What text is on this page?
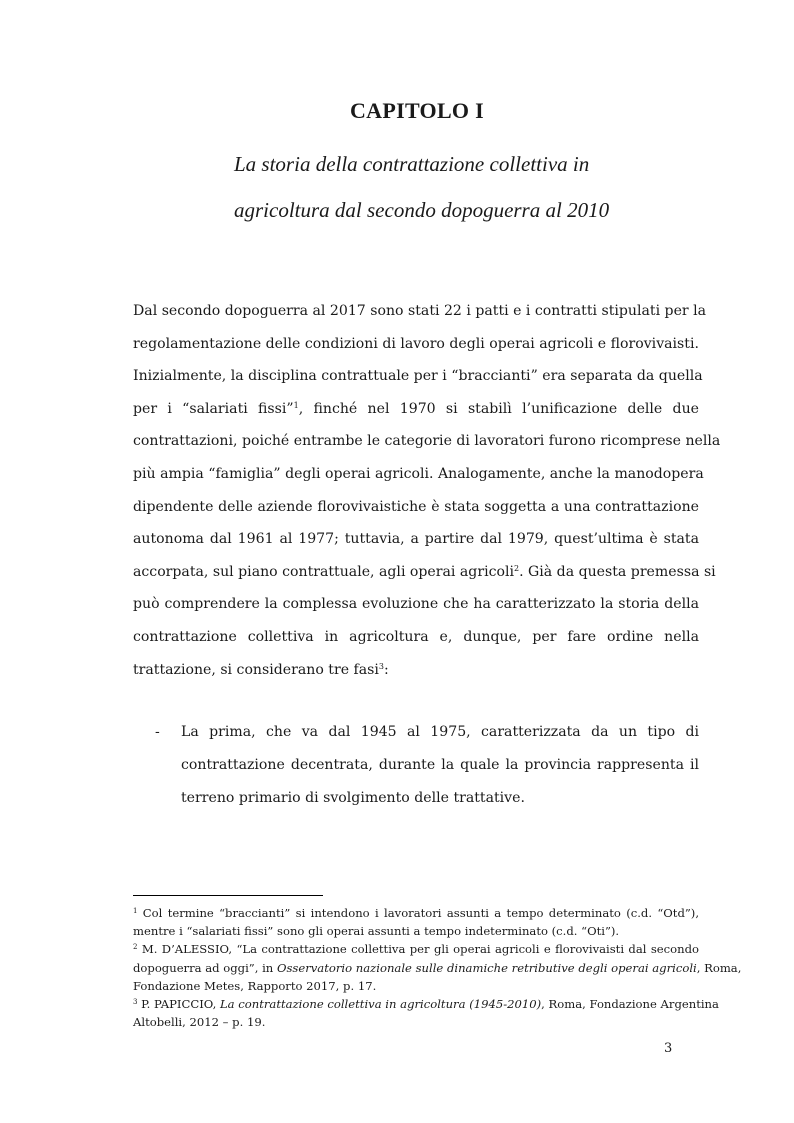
CAPITOLO I
La storia della contrattazione collettiva in
agricoltura dal secondo dopoguerra al 2010
Dal secondo dopoguerra al 2017 sono stati 22 i patti e i contratti stipulati per la
regolamentazione delle condizioni di lavoro degli operai agricoli e florovivaisti.
Inizialmente, la disciplina contrattuale per i “braccianti” era separata da quella
per i “salariati fissi”$^1$, finché nel 1970 si stabilì l’unificazione delle due
contrattazioni, poiché entrambe le categorie di lavoratori furono ricomprese nella
più ampia “famiglia” degli operai agricoli. Analogamente, anche la manodopera
dipendente delle aziende florovivaistiche è stata soggetta a una contrattazione
autonoma dal 1961 al 1977; tuttavia, a partire dal 1979, quest’ultima è stata
accorpata, sul piano contrattuale, agli operai agricoli$^2$. Già da questa premessa si
può comprendere la complessa evoluzione che ha caratterizzato la storia della
contrattazione collettiva in agricoltura e, dunque, per fare ordine nella
trattazione, si considerano tre fasi$^3$:
- La prima, che va dal 1945 al 1975, caratterizzata da un tipo di
contrattazione decentrata, durante la quale la provincia rappresenta il
terreno primario di svolgimento delle trattative.
$^1$ Col termine “braccianti” si intendono i lavoratori assunti a tempo determinato (c.d. “Otd”),
mentre i “salariati fissi” sono gli operai assunti a tempo indeterminato (c.d. “Oti”).
$^2$ M. D’ALESSIO, “La contrattazione collettiva per gli operai agricoli e florovivaisti dal secondo
dopoguerra ad oggi”, in Osservatorio nazionale sulle dinamiche retributive degli operai agricoli, Roma,
Fondazione Metes, Rapporto 2017, p. 17.
$^3$ P. PAPICCIO, La contrattazione collettiva in agricoltura (1945-2010), Roma, Fondazione Argentina
Altobelli, 2012 – p. 19.
3
